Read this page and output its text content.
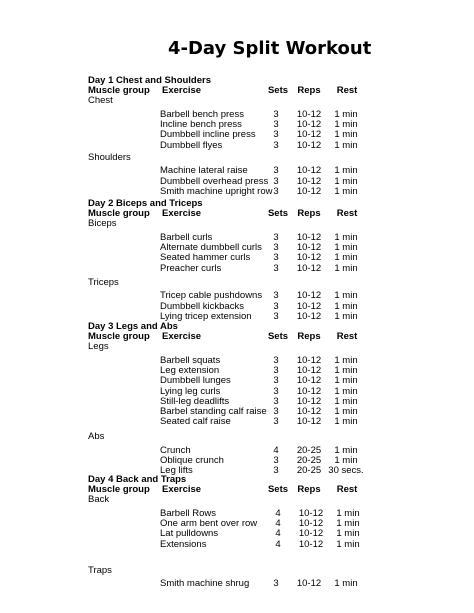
4-Day Split Workout
Day 1 Chest and Shoulders
Muscle group Exercise	Sets Reps Rest
Chest
Barbell bench press	3 10-12 1 min
Incline bench press	3 10-12 1 min
Dumbbell incline press 3 10-12 1 min
Dumbbell flyes	3 10-12 1 min
Shoulders
Machine lateral raise	3 10-12 1 min
Dumbbell overhead press 3 10-12 1 min
Smith machine upright row 3 10-12 1 min
Day 2 Biceps and Triceps
Muscle group Exercise	Sets Reps Rest
Biceps
Barbell curls	3 10-12 1 min
Alternate dumbbell curls 3 10-12 1 min
Seated hammer curls 3 10-12 1 min
Preacher curls	3 10-12 1 min
Triceps
Tricep cable pushdowns 3 10-12 1 min
Dumbbell kickbacks	3 10-12 1 min
Lying tricep extension 3 10-12 1 min
Day 3 Legs and Abs
Muscle group Exercise	Sets Reps Rest
Legs
Barbell squats	3 10-12 1 min
Leg extension	3 10-12 1 min
Dumbbell lunges	3 10-12 1 min
Lying leg curls	3 10-12 1 min
Still-leg deadlifts	3 10-12 1 min
Barbel standing calf raise 3 10-12 1 min
Seated calf raise	3 10-12 1 min
Abs
Crunch	4 20-25 1 min
Oblique crunch	3 20-25 1 min
Leg lifts	3 20-25 30 secs.
Day 4 Back and Traps
Muscle group Exercise	Sets Reps Rest
Back
Barbell Rows	4 10-12 1 min
One arm bent over row 4 10-12 1 min
Lat pulldowns	4 10-12 1 min
Extensions	4 10-12 1 min
Traps
Smith machine shrug	3 10-12 1 min
